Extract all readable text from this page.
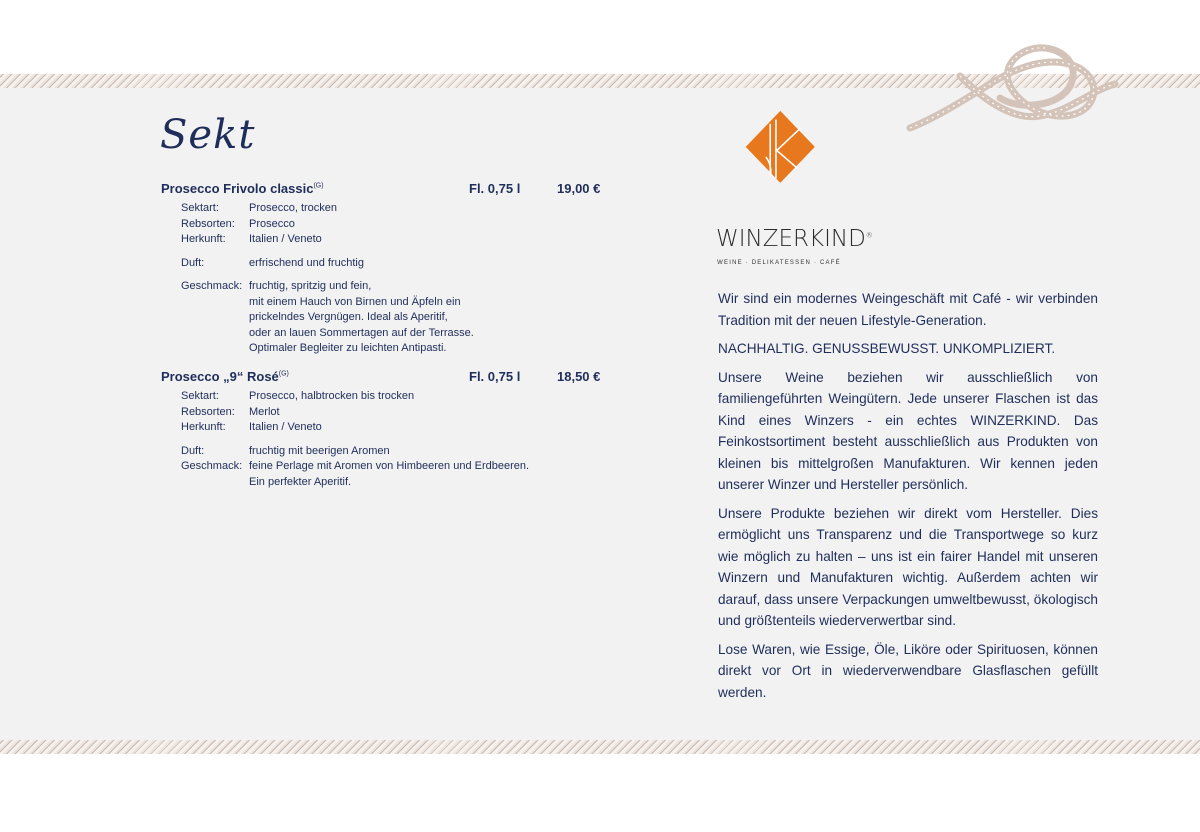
Sekt
Prosecco Frivolo classic$^{(G)}$	Fl. 0,75 l	19,00 €
Sektart:	Prosecco, trocken
Rebsorten:	Prosecco
Herkunft:	Italien / Veneto
Duft:	erfrischend und fruchtig
Geschmack: fruchtig, spritzig und fein,
mit einem Hauch von Birnen und Äpfeln ein
prickelndes Vergnügen. Ideal als Aperitif,
oder an lauen Sommertagen auf der Terrasse.
Optimaler Begleiter zu leichten Antipasti.
Prosecco „9“ Rosé$^{(G)}$	Fl. 0,75 l	18,50 €
Sektart:	Prosecco, halbtrocken bis trocken
Rebsorten:	Merlot
Herkunft:	Italien / Veneto
Duft:	fruchtig mit beerigen Aromen
Geschmack: feine Perlage mit Aromen von Himbeeren und Erdbeeren.
Ein perfekter Aperitif.
WINZERKIND®
WEINE · DELIKATESSEN · CAFÉ

Wir sind ein modernes Weingeschäft mit Café - wir verbinden Tradition mit der neuen Lifestyle-Generation.

NACHHALTIG. GENUSSBEWUSST. UNKOMPLIZIERT.

Unsere Weine beziehen wir ausschließlich von familiengeführten Weingütern. Jede unserer Flaschen ist das Kind eines Winzers - ein echtes WINZERKIND. Das Feinkostsortiment besteht ausschließlich aus Produkten von kleinen bis mittelgroßen Manufakturen. Wir kennen jeden unserer Winzer und Hersteller persönlich.

Unsere Produkte beziehen wir direkt vom Hersteller. Dies ermöglicht uns Transparenz und die Transportwege so kurz wie möglich zu halten – uns ist ein fairer Handel mit unseren Winzern und Manufakturen wichtig. Außerdem achten wir darauf, dass unsere Verpackungen umweltbewusst, ökologisch und größtenteils wiederverwertbar sind.

Lose Waren, wie Essige, Öle, Liköre oder Spirituosen, können direkt vor Ort in wiederverwendbare Glasflaschen gefüllt werden.
